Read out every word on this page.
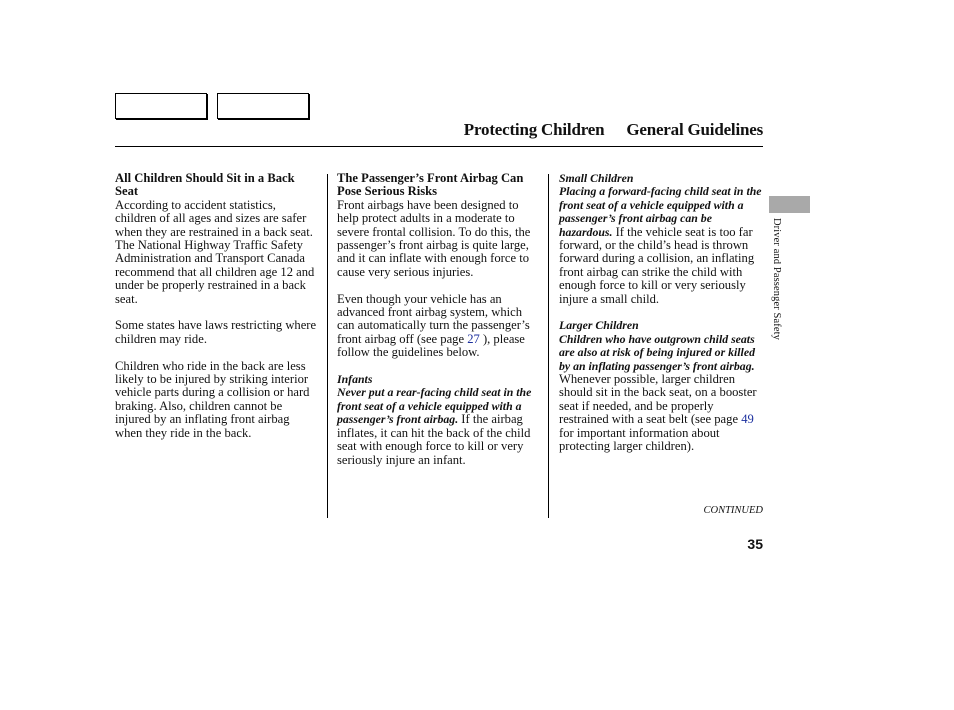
Protecting Children General Guidelines

All Children Should Sit in a Back Seat
According to accident statistics, children of all ages and sizes are safer when they are restrained in a back seat. The National Highway Traffic Safety Administration and Transport Canada recommend that all children age 12 and under be properly restrained in a back seat.

Some states have laws restricting where children may ride.

Children who ride in the back are less likely to be injured by striking interior vehicle parts during a collision or hard braking. Also, children cannot be injured by an inflating front airbag when they ride in the back.

The Passenger’s Front Airbag Can Pose Serious Risks
Front airbags have been designed to help protect adults in a moderate to severe frontal collision. To do this, the passenger’s front airbag is quite large, and it can inflate with enough force to cause very serious injuries.

Even though your vehicle has an advanced front airbag system, which can automatically turn the passenger’s front airbag off (see page 27 ), please follow the guidelines below.

Infants
Never put a rear-facing child seat in the front seat of a vehicle equipped with a passenger’s front airbag. If the airbag inflates, it can hit the back of the child seat with enough force to kill or very seriously injure an infant.

Small Children
Placing a forward-facing child seat in the front seat of a vehicle equipped with a passenger’s front airbag can be hazardous. If the vehicle seat is too far forward, or the child’s head is thrown forward during a collision, an inflating front airbag can strike the child with enough force to kill or very seriously injure a small child.

Larger Children
Children who have outgrown child seats are also at risk of being injured or killed by an inflating passenger’s front airbag. Whenever possible, larger children should sit in the back seat, on a booster seat if needed, and be properly restrained with a seat belt (see page 49 for important information about protecting larger children).

CONTINUED
35
Driver and Passenger Safety
